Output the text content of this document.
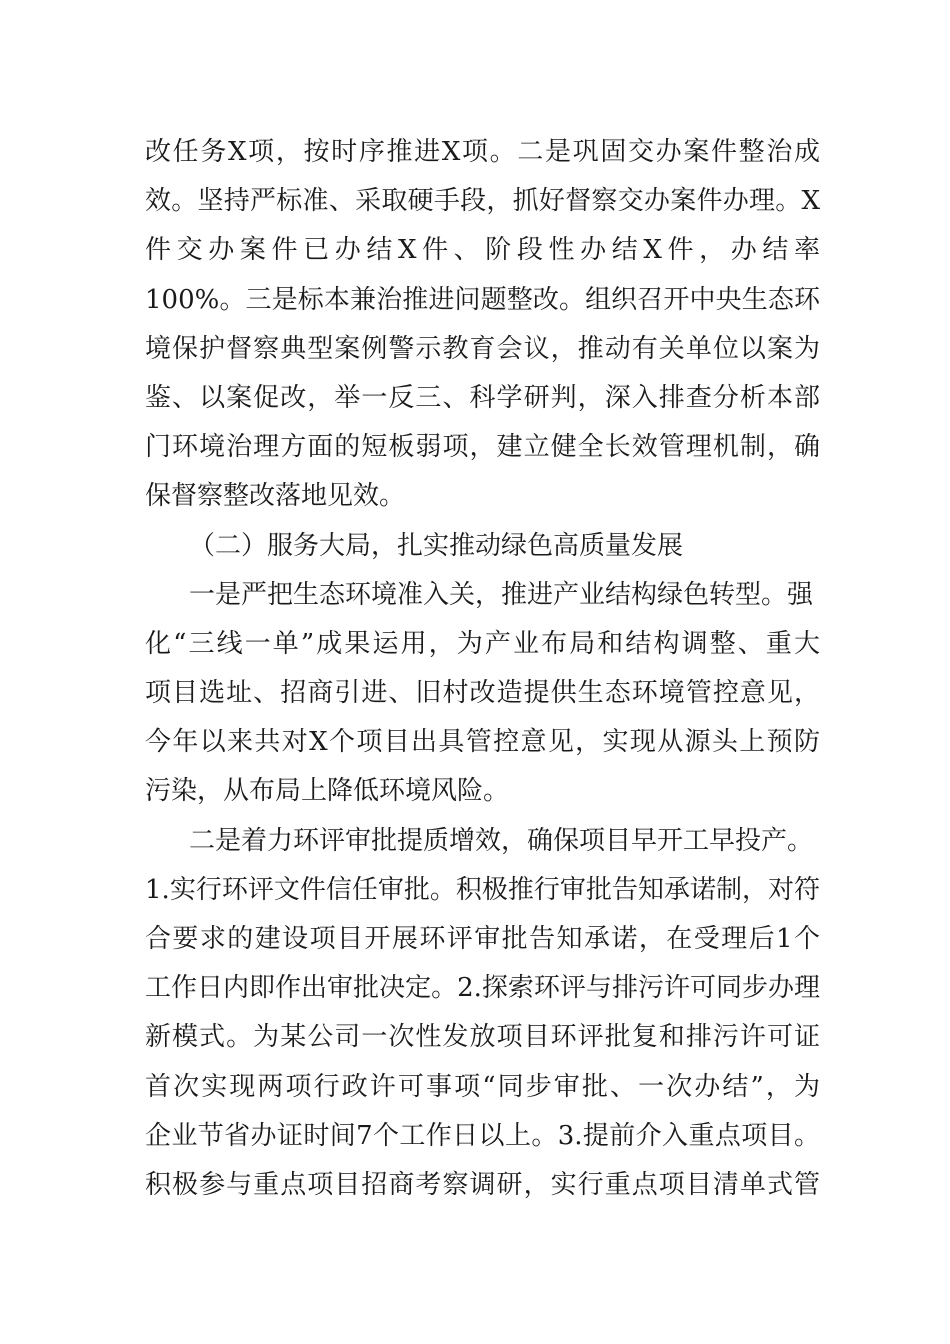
改任务X项，按时序推进X项。二是巩固交办案件整治成
效。坚持严标准、采取硬手段，抓好督察交办案件办理。X
件交办案件已办结X件、阶段性办结X件，办结率
100%。三是标本兼治推进问题整改。组织召开中央生态环
境保护督察典型案例警示教育会议，推动有关单位以案为
鉴、以案促改，举一反三、科学研判，深入排查分析本部
门环境治理方面的短板弱项，建立健全长效管理机制，确
保督察整改落地见效。
（二）服务大局，扎实推动绿色高质量发展
一是严把生态环境准入关，推进产业结构绿色转型。强
化“三线一单”成果运用，为产业布局和结构调整、重大
项目选址、招商引进、旧村改造提供生态环境管控意见，
今年以来共对X个项目出具管控意见，实现从源头上预防
污染，从布局上降低环境风险。
二是着力环评审批提质增效，确保项目早开工早投产。
1.实行环评文件信任审批。积极推行审批告知承诺制，对符
合要求的建设项目开展环评审批告知承诺，在受理后1个
工作日内即作出审批决定。2.探索环评与排污许可同步办理
新模式。为某公司一次性发放项目环评批复和排污许可证
首次实现两项行政许可事项“同步审批、一次办结”，为
企业节省办证时间7个工作日以上。3.提前介入重点项目。
积极参与重点项目招商考察调研，实行重点项目清单式管
